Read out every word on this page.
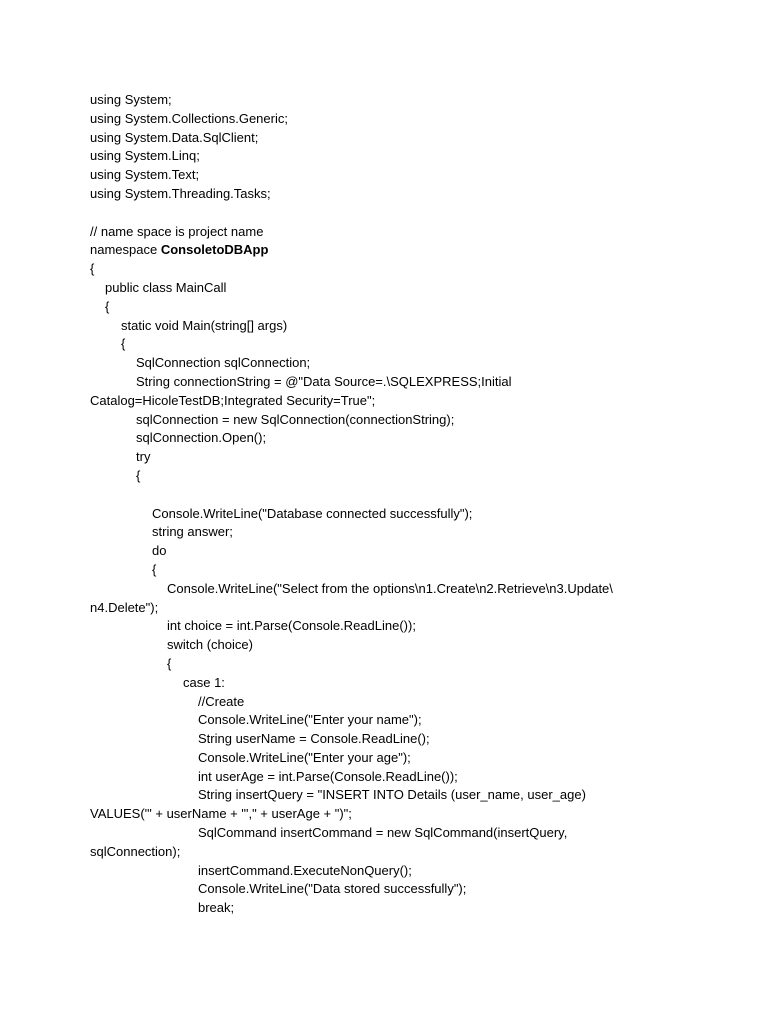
using System;
using System.Collections.Generic;
using System.Data.SqlClient;
using System.Linq;
using System.Text;
using System.Threading.Tasks;
// name space is project name
namespace ConsoletoDBApp
{
public class MainCall
{
static void Main(string[] args)
{
SqlConnection sqlConnection;
String connectionString = @"Data Source=.\SQLEXPRESS;Initial
Catalog=HicoleTestDB;Integrated Security=True";
sqlConnection = new SqlConnection(connectionString);
sqlConnection.Open();
try
{
Console.WriteLine("Database connected successfully");
string answer;
do
{
Console.WriteLine("Select from the options\n1.Create\n2.Retrieve\n3.Update\
n4.Delete");
int choice = int.Parse(Console.ReadLine());
switch (choice)
{
case 1:
//Create
Console.WriteLine("Enter your name");
String userName = Console.ReadLine();
Console.WriteLine("Enter your age");
int userAge = int.Parse(Console.ReadLine());
String insertQuery = "INSERT INTO Details (user_name, user_age)
VALUES('" + userName + "'," + userAge + ")";
SqlCommand insertCommand = new SqlCommand(insertQuery,
sqlConnection);
insertCommand.ExecuteNonQuery();
Console.WriteLine("Data stored successfully");
break;
